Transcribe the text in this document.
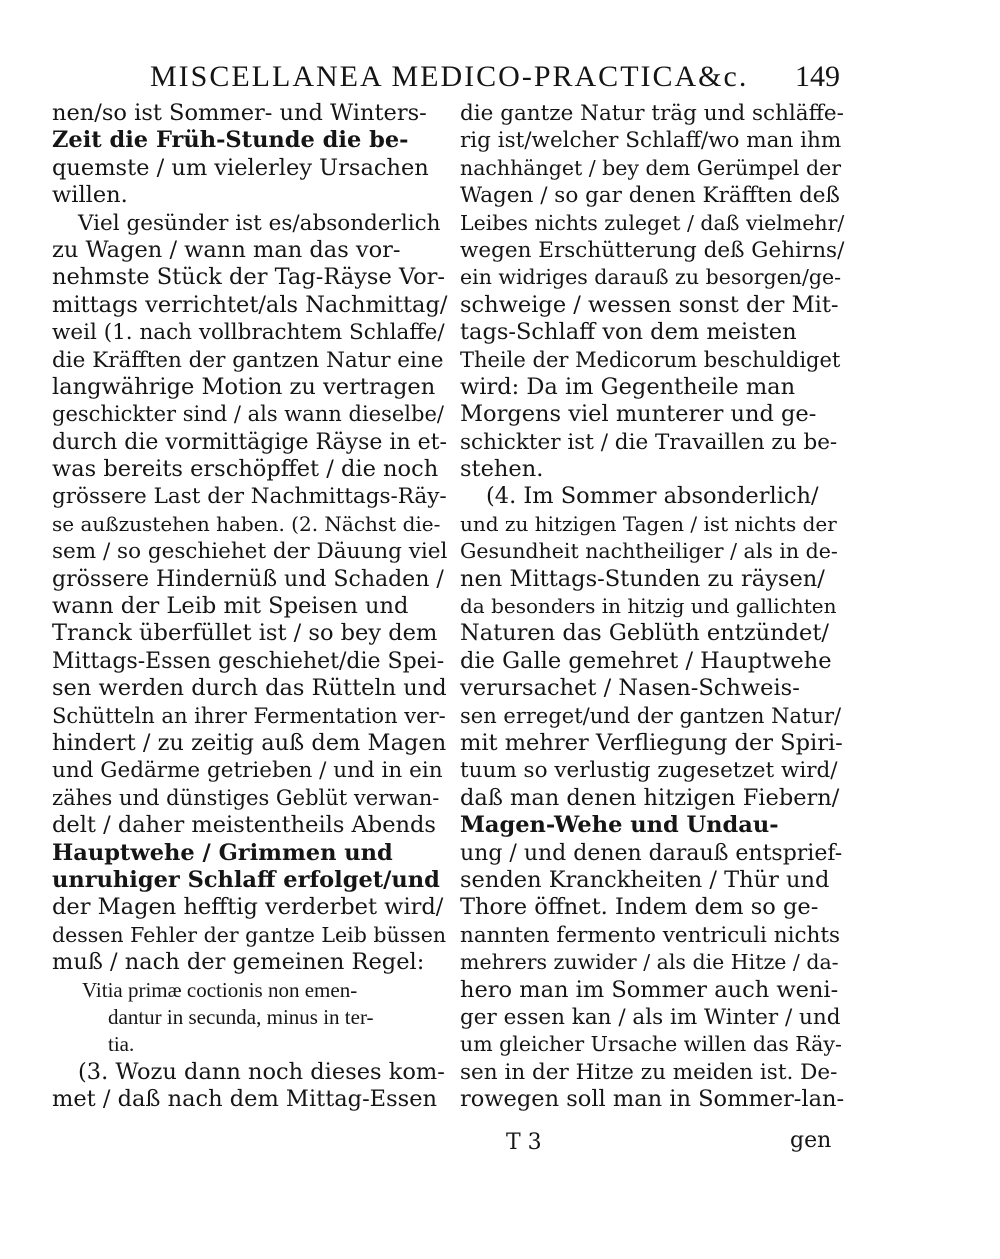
MISCELLANEA MEDICO-PRACTICA&c. 149
nen/so ist Sommer- und Winters-
Zeit die Früh-Stunde die be-
quemste / um vielerley Ursachen
willen.
Viel gesünder ist es/absonderlich
zu Wagen / wann man das vor-
nehmste Stück der Tag-Räyse Vor-
mittags verrichtet/als Nachmittag/
weil (1. nach vollbrachtem Schlaffe/
die Kräfften der gantzen Natur eine
langwährige Motion zu vertragen
geschickter sind / als wann dieselbe/
durch die vormittägige Räyse in et-
was bereits erschöpffet / die noch
grössere Last der Nachmittags-Räy-
se außzustehen haben. (2. Nächst die-
sem / so geschiehet der Däuung viel
grössere Hindernüß und Schaden /
wann der Leib mit Speisen und
Tranck überfüllet ist / so bey dem
Mittags-Essen geschiehet/die Spei-
sen werden durch das Rütteln und
Schütteln an ihrer Fermentation ver-
hindert / zu zeitig auß dem Magen
und Gedärme getrieben / und in ein
zähes und dünstiges Geblüt verwan-
delt / daher meistentheils Abends
Hauptwehe / Grimmen und
unruhiger Schlaff erfolget/und
der Magen hefftig verderbet wird/
dessen Fehler der gantze Leib büssen
muß / nach der gemeinen Regel:
Vitia primæ coctionis non emen-
dantur in secunda, minus in ter-
tia.
(3. Wozu dann noch dieses kom-
met / daß nach dem Mittag-Essen
die gantze Natur träg und schläffe-
rig ist/welcher Schlaff/wo man ihm
nachhänget / bey dem Gerümpel der
Wagen / so gar denen Kräfften deß
Leibes nichts zuleget / daß vielmehr/
wegen Erschütterung deß Gehirns/
ein widriges darauß zu besorgen/ge-
schweige / wessen sonst der Mit-
tags-Schlaff von dem meisten
Theile der Medicorum beschuldiget
wird: Da im Gegentheile man
Morgens viel munterer und ge-
schickter ist / die Travaillen zu be-
stehen.
(4. Im Sommer absonderlich/
und zu hitzigen Tagen / ist nichts der
Gesundheit nachtheiliger / als in de-
nen Mittags-Stunden zu räysen/
da besonders in hitzig und gallichten
Naturen das Geblüth entzündet/
die Galle gemehret / Hauptwehe
verursachet / Nasen-Schweis-
sen erreget/und der gantzen Natur/
mit mehrer Verfliegung der Spiri-
tuum so verlustig zugesetzet wird/
daß man denen hitzigen Fiebern/
Magen-Wehe und Undau-
ung / und denen darauß entsprief-
senden Kranckheiten / Thür und
Thore öffnet. Indem dem so ge-
nannten fermento ventriculi nichts
mehrers zuwider / als die Hitze / da-
hero man im Sommer auch weni-
ger essen kan / als im Winter / und
um gleicher Ursache willen das Räy-
sen in der Hitze zu meiden ist. De-
rowegen soll man in Sommer-lan-
T 3	gen
